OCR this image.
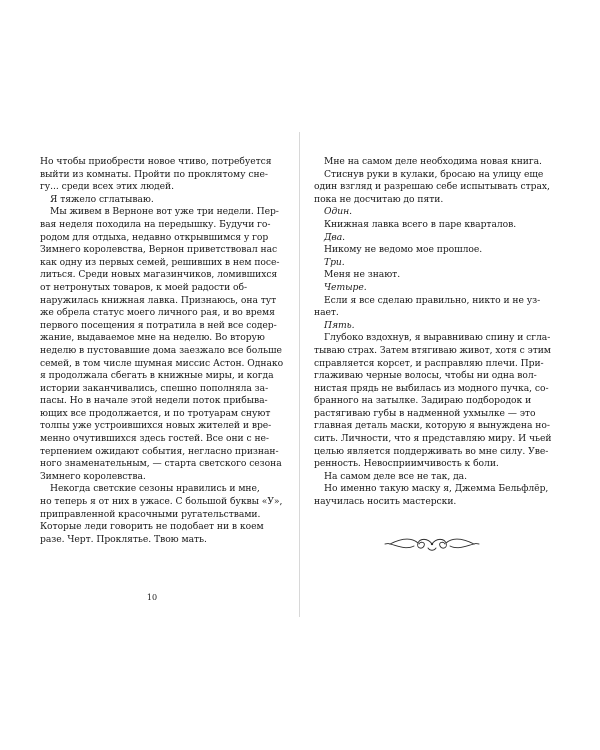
Но чтобы приобрести новое чтиво, потребуется
выйти из комнаты. Пройти по проклятому сне-
гу... среди всех этих людей.
Я тяжело сглатываю.
Мы живем в Верноне вот уже три недели. Пер-
вая неделя походила на передышку. Будучи го-
родом для отдыха, недавно открывшимся у гор
Зимнего королевства, Вернон приветствовал нас
как одну из первых семей, решивших в нем посе-
литься. Среди новых магазинчиков, ломившихся
от нетронутых товаров, к моей радости об-
наружилась книжная лавка. Признаюсь, она тут
же обрела статус моего личного рая, и во время
первого посещения я потратила в ней все содер-
жание, выдаваемое мне на неделю. Во вторую
неделю в пустовавшие дома заезжало все больше
семей, в том числе шумная миссис Астон. Однако
я продолжала сбегать в книжные миры, и когда
истории заканчивались, спешно пополняла за-
пасы. Но в начале этой недели поток прибыва-
ющих все продолжается, и по тротуарам снуют
толпы уже устроившихся новых жителей и вре-
менно очутившихся здесь гостей. Все они с не-
терпением ожидают события, негласно признан-
ного знаменательным, — старта светского сезона
Зимнего королевства.
Некогда светские сезоны нравились и мне,
но теперь я от них в ужасе. С большой буквы «У»,
приправленной красочными ругательствами.
Которые леди говорить не подобает ни в коем
разе. Черт. Проклятье. Твою мать.
Мне на самом деле необходима новая книга.
Стиснув руки в кулаки, бросаю на улицу еще
один взгляд и разрешаю себе испытывать страх,
пока не досчитаю до пяти.
Один.
Книжная лавка всего в паре кварталов.
Два.
Никому не ведомо мое прошлое.
Три.
Меня не знают.
Четыре.
Если я все сделаю правильно, никто и не уз-
нает.
Пять.
Глубоко вздохнув, я выравниваю спину и сгла-
тываю страх. Затем втягиваю живот, хотя с этим
справляется корсет, и расправляю плечи. При-
глаживаю черные волосы, чтобы ни одна вол-
нистая прядь не выбилась из модного пучка, со-
бранного на затылке. Задираю подбородок и
растягиваю губы в надменной ухмылке — это
главная деталь маски, которую я вынуждена но-
сить. Личности, что я представляю миру. И чьей
целью является поддерживать во мне силу. Уве-
ренность. Невосприимчивость к боли.
На самом деле все не так, да.
Но именно такую маску я, Джемма Бельфлёр,
научилась носить мастерски.
10
